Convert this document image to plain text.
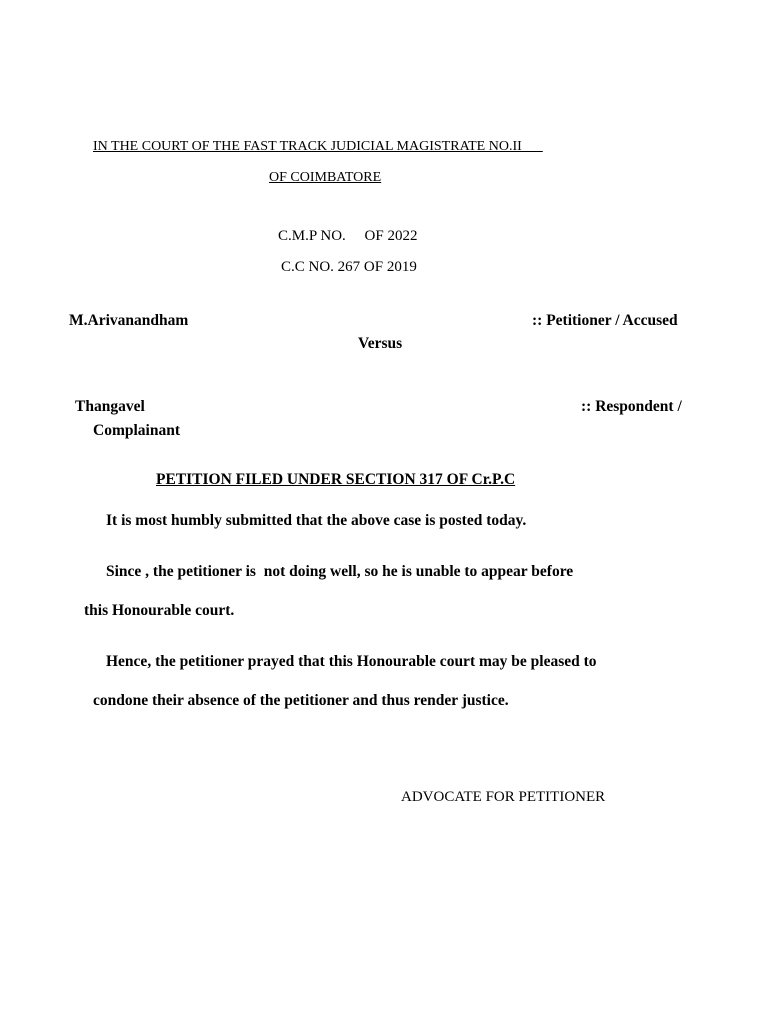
IN THE COURT OF THE FAST TRACK JUDICIAL MAGISTRATE NO.II
OF COIMBATORE
C.M.P NO.     OF 2022
C.C NO. 267 OF 2019
M.Arivanandham	:: Petitioner / Accused
Versus
Thangavel	:: Respondent /
Complainant
PETITION FILED UNDER SECTION 317 OF Cr.P.C
It is most humbly submitted that the above case is posted today.
Since , the petitioner is  not doing well, so he is unable to appear before
this Honourable court.
Hence, the petitioner prayed that this Honourable court may be pleased to
condone their absence of the petitioner and thus render justice.
ADVOCATE FOR PETITIONER
